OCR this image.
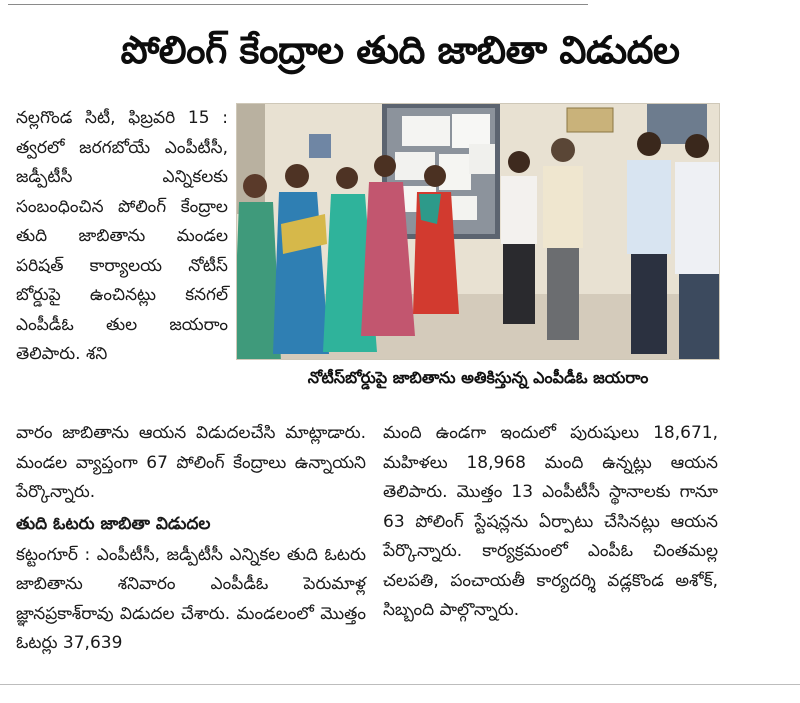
పోలింగ్ కేంద్రాల తుది జాబితా విడుదల

నల్లగొండ సిటీ, ఫిబ్రవరి 15 : త్వరలో జరగబోయే ఎంపీటీసీ, జడ్పీటీసీ ఎన్నికలకు సంబంధించిన పోలింగ్ కేంద్రాల తుది జాబితాను మండల పరిషత్ కార్యాలయ నోటీస్ బోర్డుపై ఉంచినట్లు కనగల్ ఎంపీడీఓ తుల జయరాం తెలిపారు. శని

నోటీస్‌బోర్డుపై జాబితాను అతికిస్తున్న ఎంపీడీఓ జయరాం

వారం జాబితాను ఆయన విడుదలచేసి మాట్లాడారు. మండల వ్యాప్తంగా 67 పోలింగ్ కేంద్రాలు ఉన్నాయని పేర్కొన్నారు.

తుది ఓటరు జాబితా విడుదల

కట్టంగూర్ : ఎంపీటీసీ, జడ్పీటీసీ ఎన్నికల తుది ఓటరు జాబితాను శనివారం ఎంపీడీఓ పెరుమాళ్ల జ్ఞానప్రకాశ్‌రావు విడుదల చేశారు. మండలంలో మొత్తం ఓటర్లు 37,639

మంది ఉండగా ఇందులో పురుషులు 18,671, మహిళలు 18,968 మంది ఉన్నట్లు ఆయన తెలిపారు. మొత్తం 13 ఎంపీటీసీ స్థానాలకు గానూ 63 పోలింగ్ స్టేషన్లను ఏర్పాటు చేసినట్లు ఆయన పేర్కొన్నారు. కార్యక్రమంలో ఎంపీఓ చింతమల్ల చలపతి, పంచాయతీ కార్యదర్శి వడ్లకొండ అశోక్, సిబ్బంది పాల్గొన్నారు.
